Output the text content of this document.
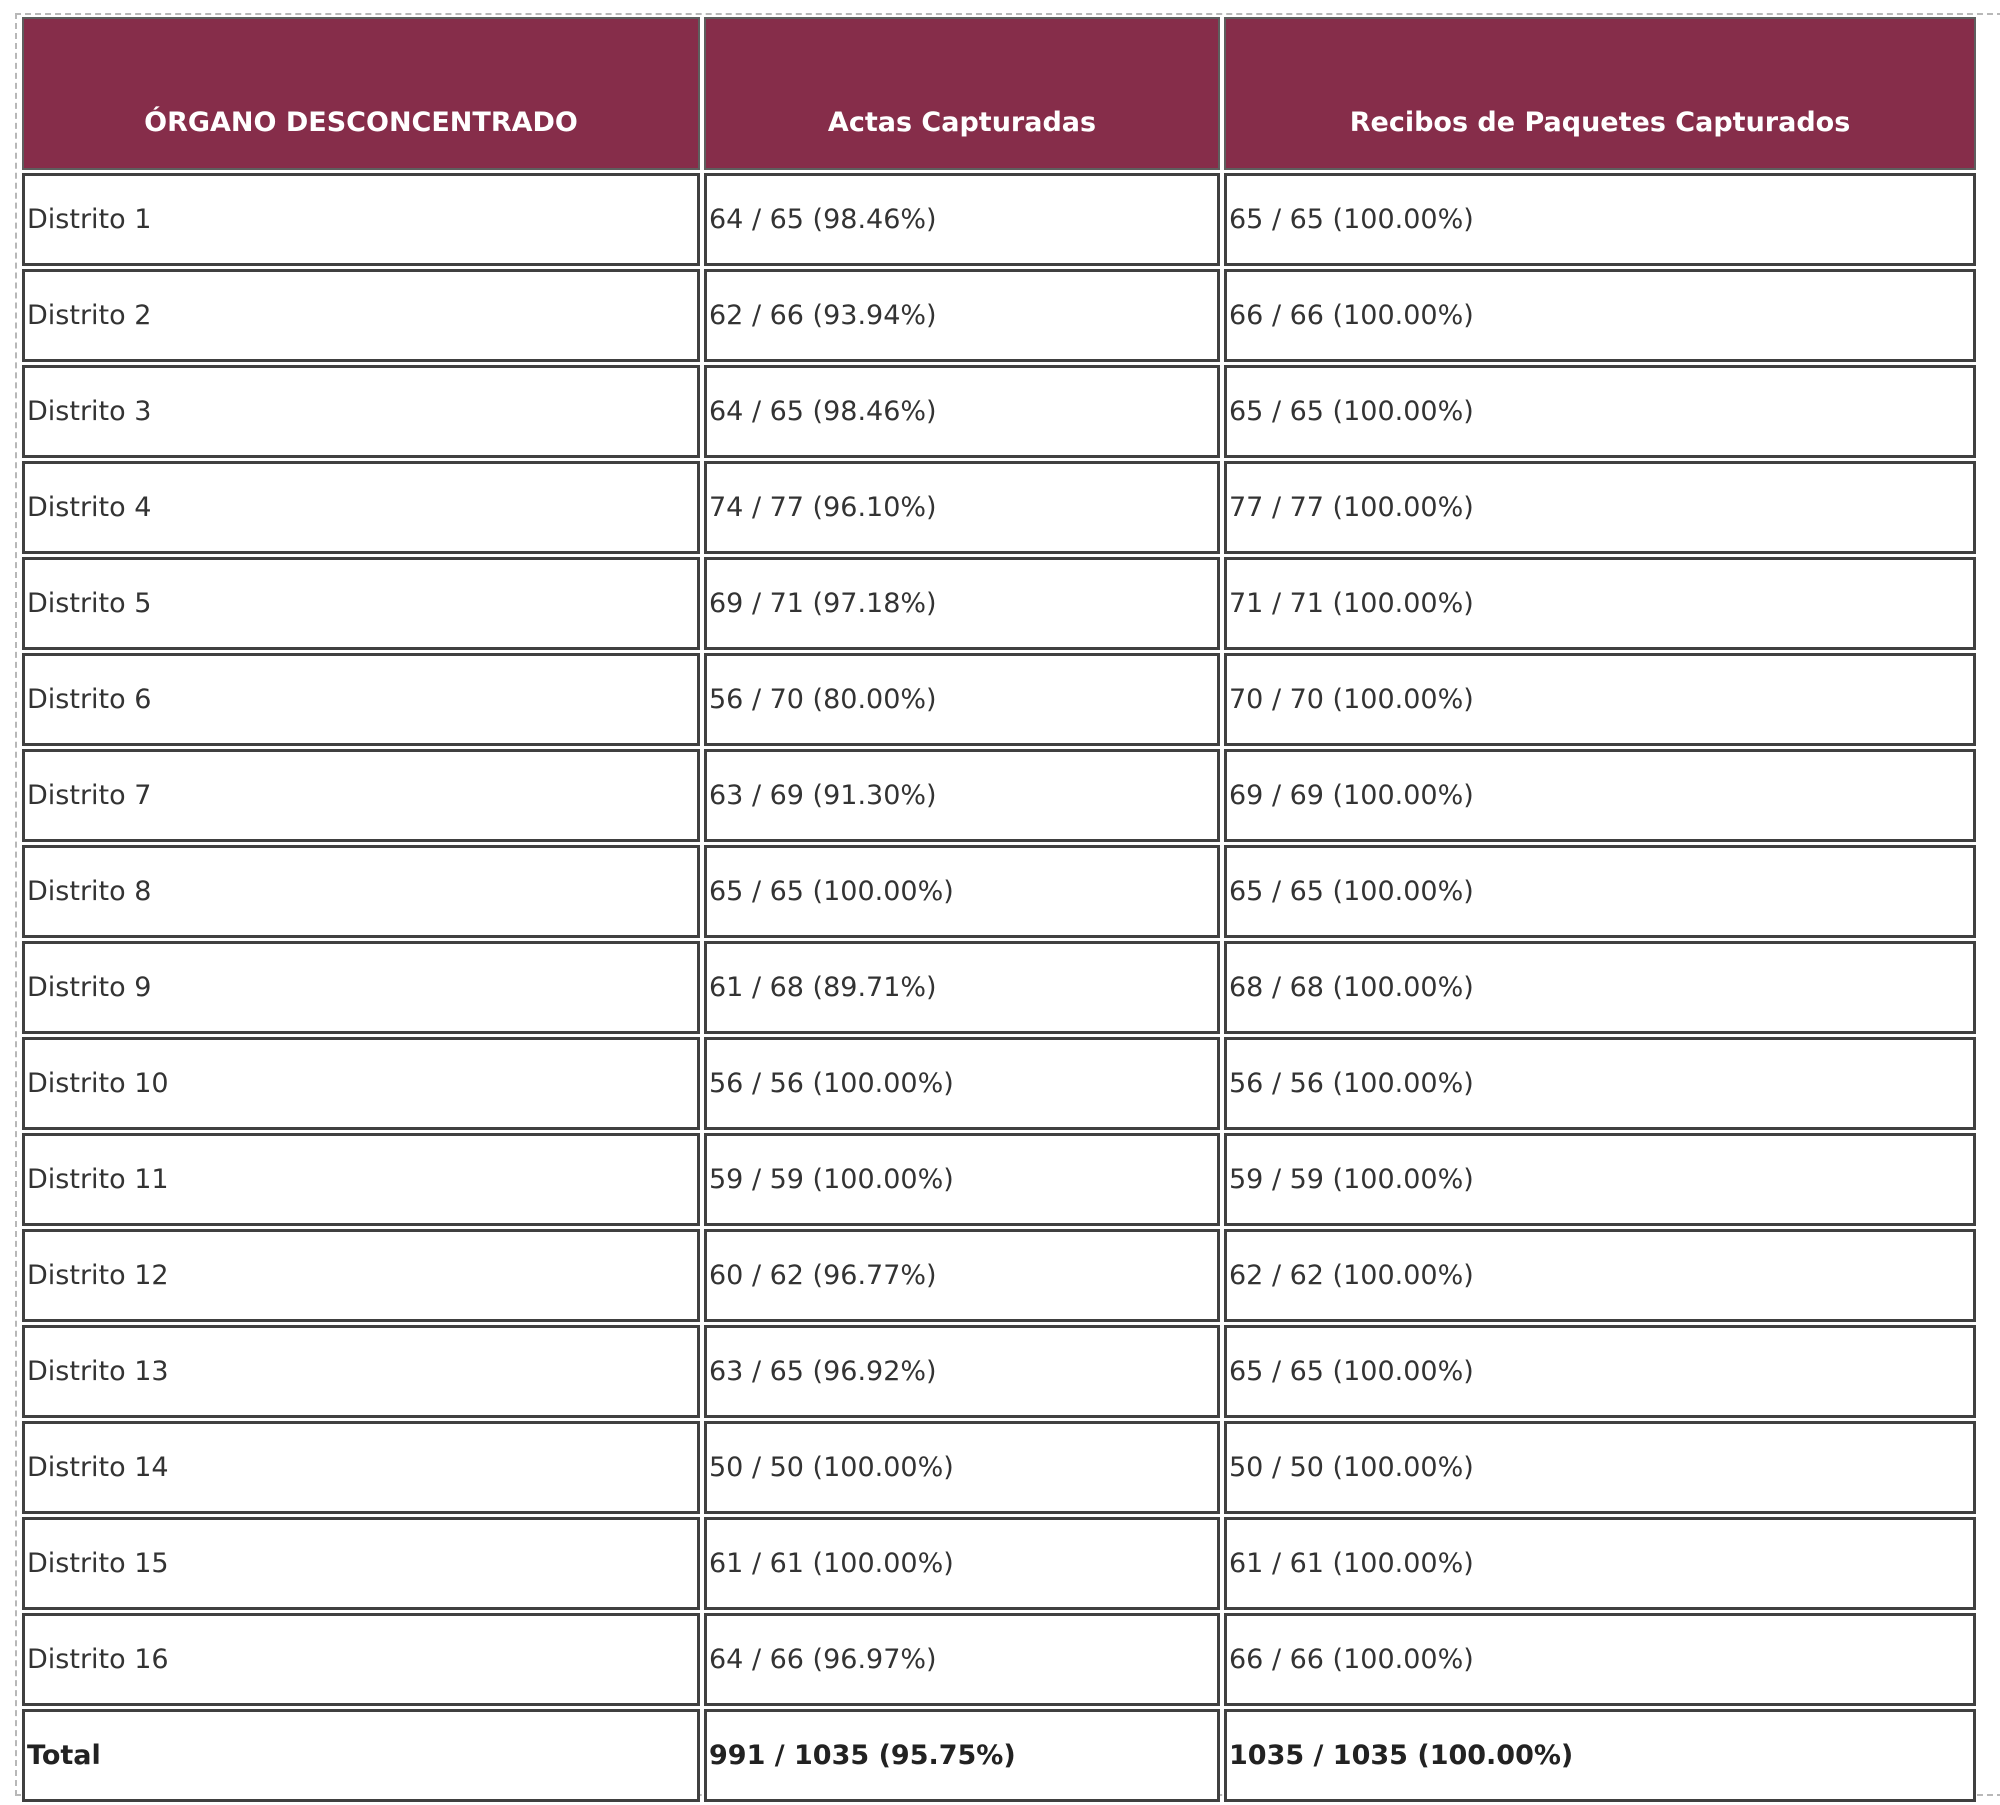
ÓRGANO DESCONCENTRADO	Actas Capturadas	Recibos de Paquetes Capturados
Distrito 1	64 / 65 (98.46%)	65 / 65 (100.00%)
Distrito 2	62 / 66 (93.94%)	66 / 66 (100.00%)
Distrito 3	64 / 65 (98.46%)	65 / 65 (100.00%)
Distrito 4	74 / 77 (96.10%)	77 / 77 (100.00%)
Distrito 5	69 / 71 (97.18%)	71 / 71 (100.00%)
Distrito 6	56 / 70 (80.00%)	70 / 70 (100.00%)
Distrito 7	63 / 69 (91.30%)	69 / 69 (100.00%)
Distrito 8	65 / 65 (100.00%)	65 / 65 (100.00%)
Distrito 9	61 / 68 (89.71%)	68 / 68 (100.00%)
Distrito 10	56 / 56 (100.00%)	56 / 56 (100.00%)
Distrito 11	59 / 59 (100.00%)	59 / 59 (100.00%)
Distrito 12	60 / 62 (96.77%)	62 / 62 (100.00%)
Distrito 13	63 / 65 (96.92%)	65 / 65 (100.00%)
Distrito 14	50 / 50 (100.00%)	50 / 50 (100.00%)
Distrito 15	61 / 61 (100.00%)	61 / 61 (100.00%)
Distrito 16	64 / 66 (96.97%)	66 / 66 (100.00%)
Total	991 / 1035 (95.75%)	1035 / 1035 (100.00%)
